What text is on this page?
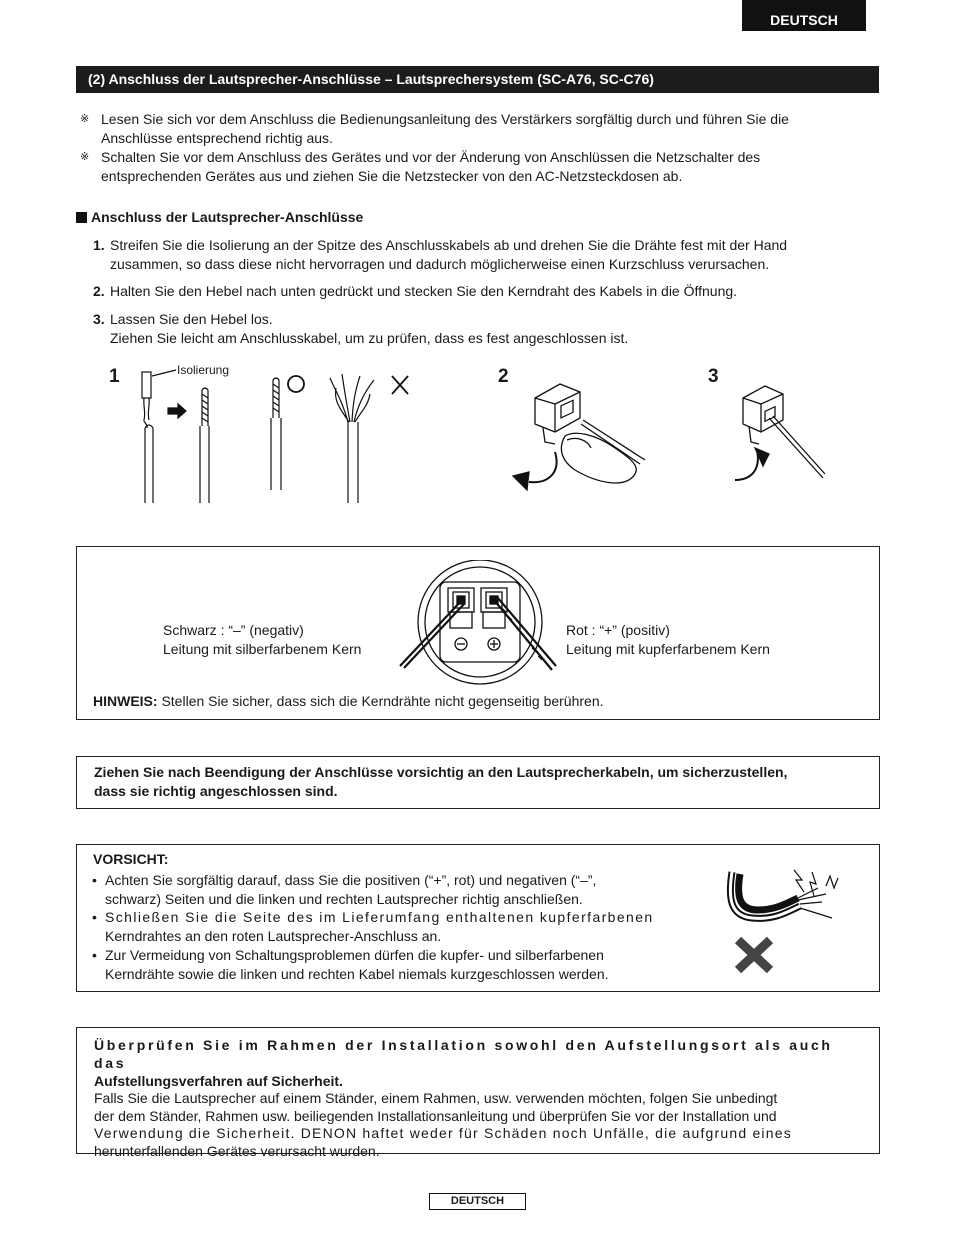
DEUTSCH
(2) Anschluss der Lautsprecher-Anschlüsse – Lautsprechersystem (SC-A76, SC-C76)
※ Lesen Sie sich vor dem Anschluss die Bedienungsanleitung des Verstärkers sorgfältig durch und führen Sie die
Anschlüsse entsprechend richtig aus.
※ Schalten Sie vor dem Anschluss des Gerätes und vor der Änderung von Anschlüssen die Netzschalter des
entsprechenden Gerätes aus und ziehen Sie die Netzstecker von den AC-Netzsteckdosen ab.
Anschluss der Lautsprecher-Anschlüsse
1. Streifen Sie die Isolierung an der Spitze des Anschlusskabels ab und drehen Sie die Drähte fest mit der Hand
zusammen, so dass diese nicht hervorragen und dadurch möglicherweise einen Kurzschluss verursachen.
2. Halten Sie den Hebel nach unten gedrückt und stecken Sie den Kerndraht des Kabels in die Öffnung.
3. Lassen Sie den Hebel los.
Ziehen Sie leicht am Anschlusskabel, um zu prüfen, dass es fest angeschlossen ist.
1	2	3
Isolierung
Schwarz : “–” (negativ)
Leitung mit silberfarbenem Kern
Rot : “+” (positiv)
Leitung mit kupferfarbenem Kern
HINWEIS: Stellen Sie sicher, dass sich die Kerndrähte nicht gegenseitig berühren.
Ziehen Sie nach Beendigung der Anschlüsse vorsichtig an den Lautsprecherkabeln, um sicherzustellen,
dass sie richtig angeschlossen sind.
VORSICHT:
• Achten Sie sorgfältig darauf, dass Sie die positiven (“+”, rot) und negativen (“–”,
schwarz) Seiten und die linken und rechten Lautsprecher richtig anschließen.
• Schließen Sie die Seite des im Lieferumfang enthaltenen kupferfarbenen
Kerndrahtes an den roten Lautsprecher-Anschluss an.
• Zur Vermeidung von Schaltungsproblemen dürfen die kupfer- und silberfarbenen
Kerndrähte sowie die linken und rechten Kabel niemals kurzgeschlossen werden.
Überprüfen Sie im Rahmen der Installation sowohl den Aufstellungsort als auch das
Aufstellungsverfahren auf Sicherheit.
Falls Sie die Lautsprecher auf einem Ständer, einem Rahmen, usw. verwenden möchten, folgen Sie unbedingt
der dem Ständer, Rahmen usw. beiliegenden Installationsanleitung und überprüfen Sie vor der Installation und
Verwendung die Sicherheit. DENON haftet weder für Schäden noch Unfälle, die aufgrund eines
herunterfallenden Gerätes verursacht wurden.
DEUTSCH
